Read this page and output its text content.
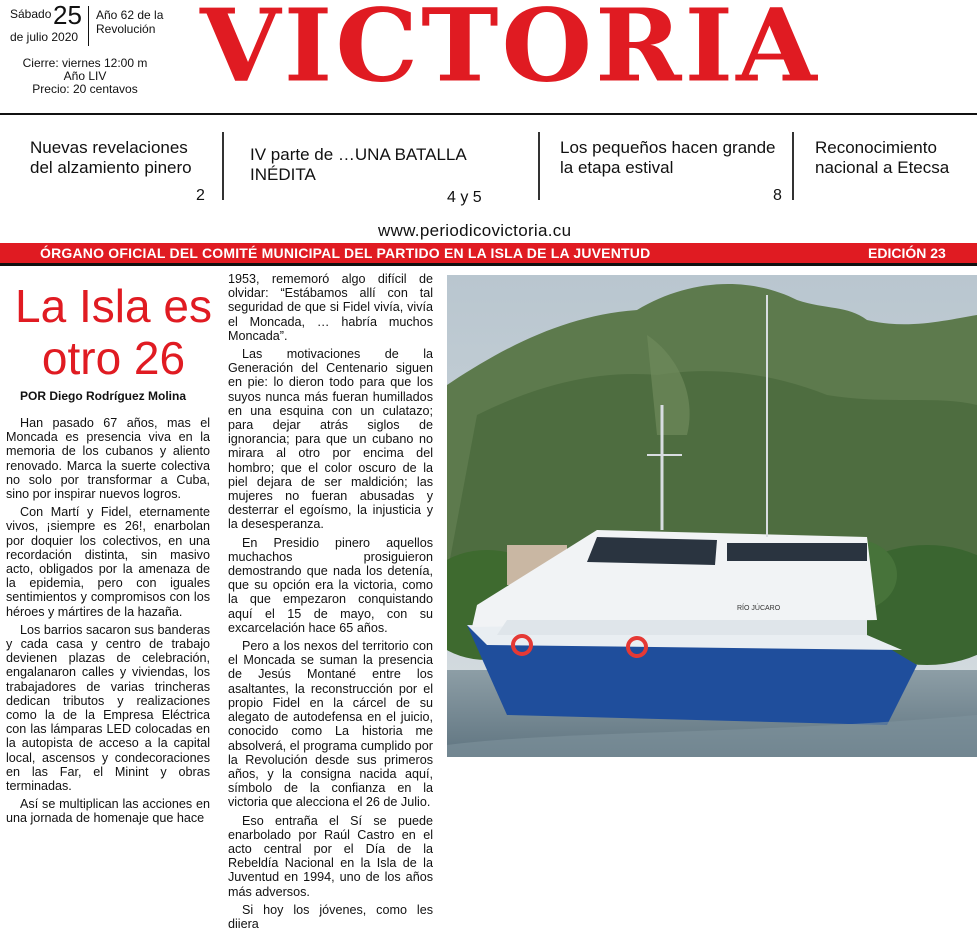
Sábado 25
de julio 2020
Año 62 de la
Revolución
Cierre: viernes 12:00 m
Año LIV
Precio: 20 centavos VICTORIA
Nuevas revelaciones del alzamiento pinero
2
IV parte de …UNA BATALLA INÉDITA
4 y 5
Los pequeños hacen grande la etapa estival
8
Reconocimiento nacional a Etecsa
www.periodicovictoria.cu
ÓRGANO OFICIAL DEL COMITÉ MUNICIPAL DEL PARTIDO EN LA ISLA DE LA JUVENTUD	EDICIÓN 23
La Isla es
otro 26
POR Diego Rodríguez Molina

Han pasado 67 años, mas el Moncada es presencia viva en la memoria de los cubanos y aliento renovado. Marca la suerte colectiva no solo por transformar a Cuba, sino por inspirar nuevos logros.

Con Martí y Fidel, eternamente vivos, ¡siempre es 26!, enarbolan por doquier los colectivos, en una recordación distinta, sin masivo acto, obligados por la amenaza de la epidemia, pero con iguales sentimientos y compromisos con los héroes y mártires de la hazaña.

Los barrios sacaron sus banderas y cada casa y centro de trabajo devienen plazas de celebración, engalanaron calles y viviendas, los trabajadores de varias trincheras dedican tributos y realizaciones como la de la Empresa Eléctrica con las lámparas LED colocadas en la autopista de acceso a la capital local, ascensos y condecoraciones en las Far, el Minint y obras terminadas.

Así se multiplican las acciones en una jornada de homenaje que hace

1953, rememoró algo difícil de olvidar: “Estábamos allí con tal seguridad de que si Fidel vivía, vivía el Moncada, … habría muchos Moncada”.

Las motivaciones de la Generación del Centenario siguen en pie: lo dieron todo para que los suyos nunca más fueran humillados en una esquina con un culatazo; para dejar atrás siglos de ignorancia; para que un cubano no mirara al otro por encima del hombro; que el color oscuro de la piel dejara de ser maldición; las mujeres no fueran abusadas y desterrar el egoísmo, la injusticia y la desesperanza.

En Presidio pinero aquellos muchachos prosiguieron demostrando que nada los detenía, que su opción era la victoria, como la que empezaron conquistando aquí el 15 de mayo, con su excarcelación hace 65 años.

Pero a los nexos del territorio con el Moncada se suman la presencia de Jesús Montané entre los asaltantes, la reconstrucción por el propio Fidel en la cárcel de su alegato de autodefensa en el juicio, conocido como La historia me absolverá, el programa cumplido por la Revolución desde sus primeros años, y la consigna nacida aquí, símbolo de la confianza en la victoria que alecciona el 26 de Julio.

Eso entraña el Sí se puede enarbolado por Raúl Castro en el acto central por el Día de la Rebeldía Nacional en la Isla de la Juventud en 1994, uno de los años más adversos.

Si hoy los jóvenes, como les diiera

RÍO JÚCARO
